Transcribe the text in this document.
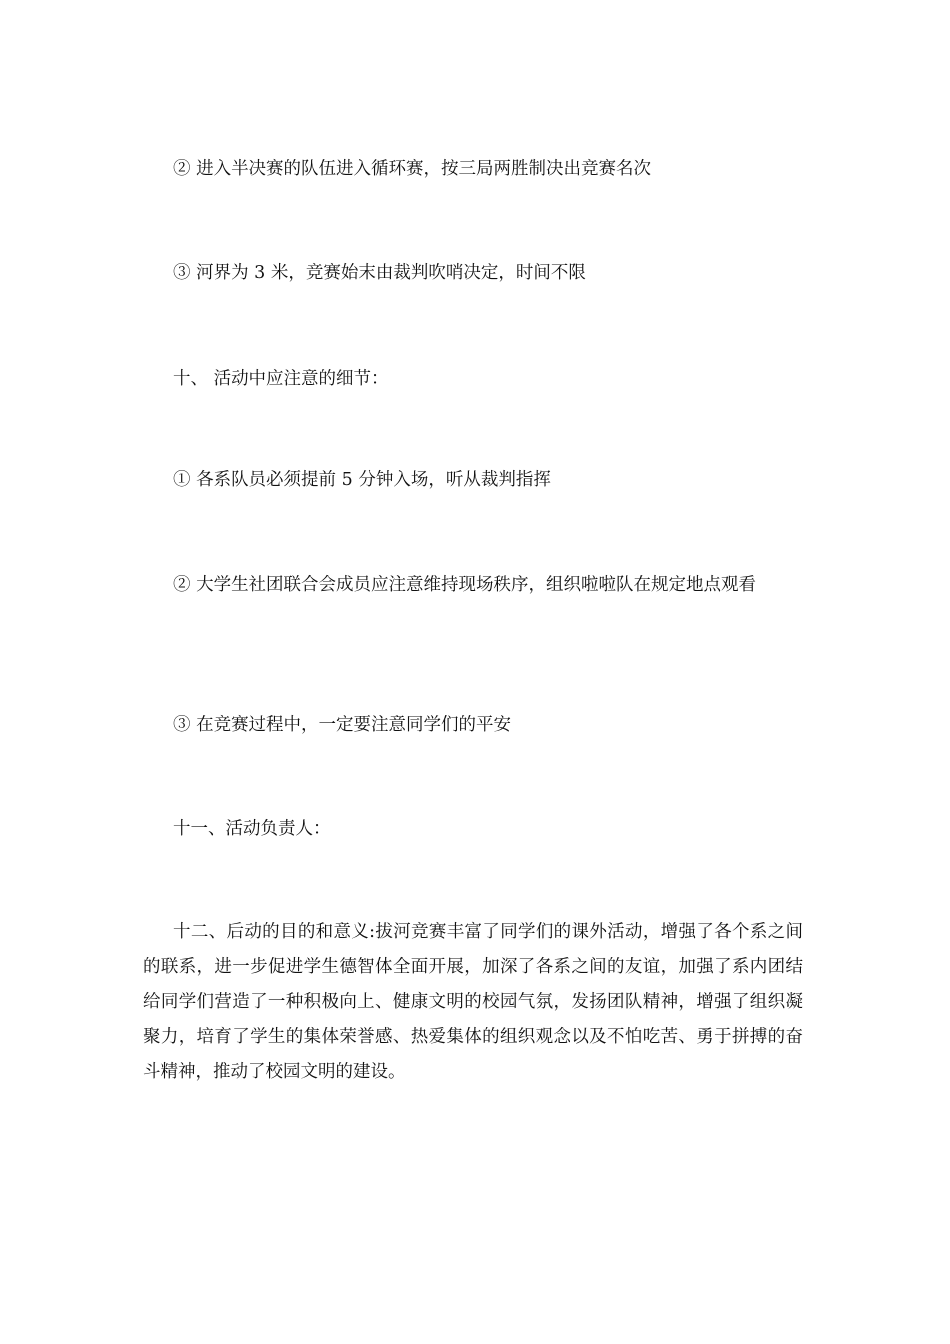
② 进入半决赛的队伍进入循环赛，按三局两胜制决出竞赛名次

③ 河界为 3 米，竞赛始末由裁判吹哨决定，时间不限

十、 活动中应注意的细节：

① 各系队员必须提前 5 分钟入场，听从裁判指挥

② 大学生社团联合会成员应注意维持现场秩序，组织啦啦队在规定地点观看

③ 在竞赛过程中，一定要注意同学们的平安

十一、活动负责人：

十二、后动的目的和意义:拔河竞赛丰富了同学们的课外活动，增强了各个系之间的联系，进一步促进学生德智体全面开展，加深了各系之间的友谊，加强了系内团结给同学们营造了一种积极向上、健康文明的校园气氛，发扬团队精神，增强了组织凝聚力，培育了学生的集体荣誉感、热爱集体的组织观念以及不怕吃苦、勇于拼搏的奋斗精神，推动了校园文明的建设。
